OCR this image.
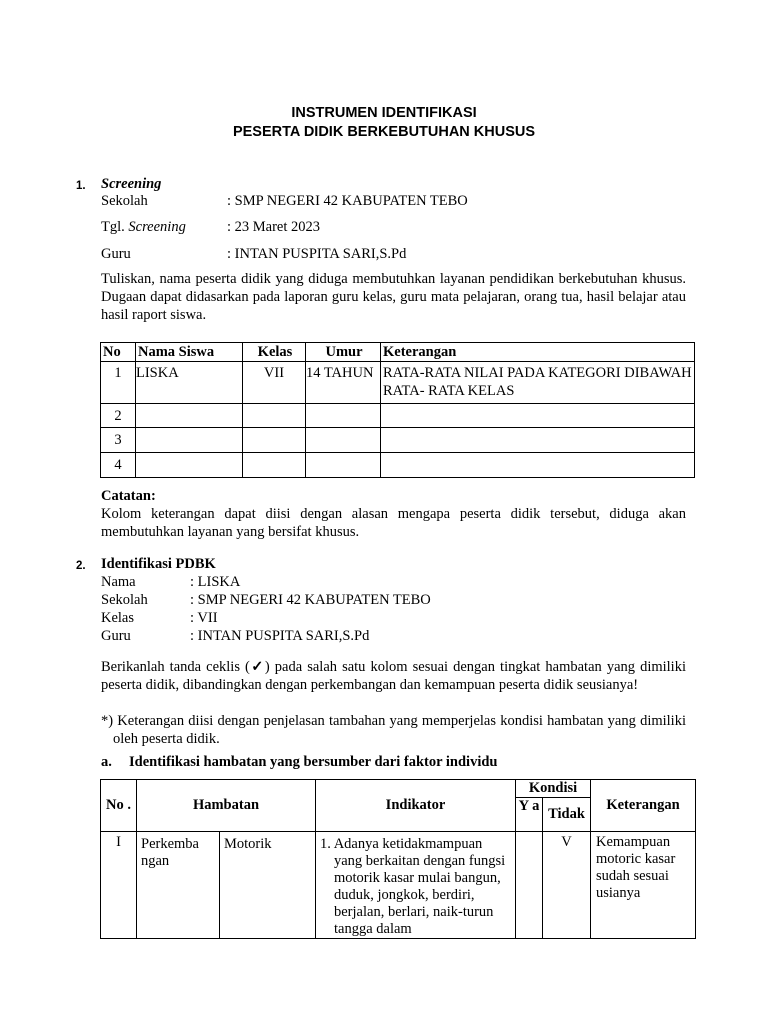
INSTRUMEN IDENTIFIKASI
PESERTA DIDIK BERKEBUTUHAN KHUSUS
1. Screening
Sekolah	: SMP NEGERI 42 KABUPATEN TEBO
Tgl. Screening	: 23 Maret 2023
Guru	: INTAN PUSPITA SARI,S.Pd
Tuliskan, nama peserta didik yang diduga membutuhkan layanan pendidikan berkebutuhan khusus. Dugaan dapat didasarkan pada laporan guru kelas, guru mata pelajaran, orang tua, hasil belajar atau hasil raport siswa.
No	Nama Siswa	Kelas	Umur	Keterangan
1	LISKA	VII	14 TAHUN	RATA-RATA NILAI PADA KATEGORI DIBAWAH RATA- RATA KELAS
2				
3				
4				
Catatan:
Kolom keterangan dapat diisi dengan alasan mengapa peserta didik tersebut, diduga akan membutuhkan layanan yang bersifat khusus.
2. Identifikasi PDBK
Nama	: LISKA
Sekolah	: SMP NEGERI 42 KABUPATEN TEBO
Kelas	: VII
Guru	: INTAN PUSPITA SARI,S.Pd
Berikanlah tanda ceklis (✓) pada salah satu kolom sesuai dengan tingkat hambatan yang dimiliki peserta didik, dibandingkan dengan perkembangan dan kemampuan peserta didik seusianya!
*) Keterangan diisi dengan penjelasan tambahan yang memperjelas kondisi hambatan yang dimiliki oleh peserta didik.
a. Identifikasi hambatan yang bersumber dari faktor individu
No .	Hambatan		Indikator	Kondisi		Keterangan
				Y a	Tidak	
I	Perkemba ngan	Motorik	1. Adanya ketidakmampuan yang berkaitan dengan fungsi motorik kasar mulai bangun, duduk, jongkok, berdiri, berjalan, berlari, naik-turun tangga dalam		V	Kemampuan motoric kasar sudah sesuai usianya
